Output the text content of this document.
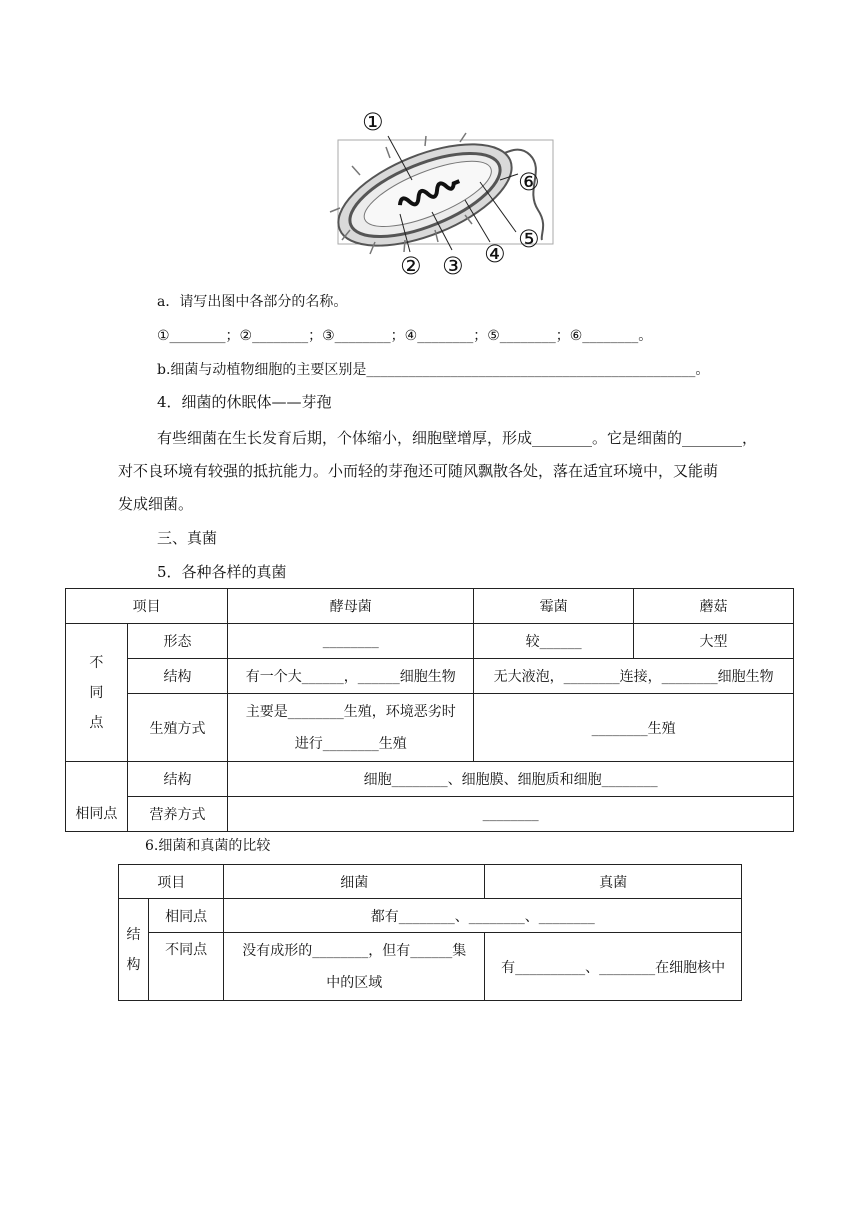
①
② ③ ④
⑤
⑥
a．请写出图中各部分的名称。
①________；②________；③________；④________；⑤________；⑥________。
b.细菌与动植物细胞的主要区别是_______________________________________________。
4．细菌的休眠体——芽孢
有些细菌在生长发育后期，个体缩小，细胞壁增厚，形成________。它是细菌的________，
对不良环境有较强的抵抗能力。小而轻的芽孢还可随风飘散各处，落在适宜环境中，又能萌
发成细菌。
三、真菌
5．各种各样的真菌
项目		酵母菌	霉菌	蘑菇
不
同
点	形态	________	较______	大型
	结构	有一个大______，______细胞生物	无大液泡，________连接，________细胞生物	
	生殖方式	主要是________生殖，环境恶劣时
进行________生殖	________生殖	
相同点	结构	细胞________、细胞膜、细胞质和细胞________		
	营养方式	________		
6.细菌和真菌的比较
项目		细菌	真菌
结
构	相同点	都有________、________、________	
	不同点	没有成形的________，但有______集
中的区域	有__________、________在细胞核中
